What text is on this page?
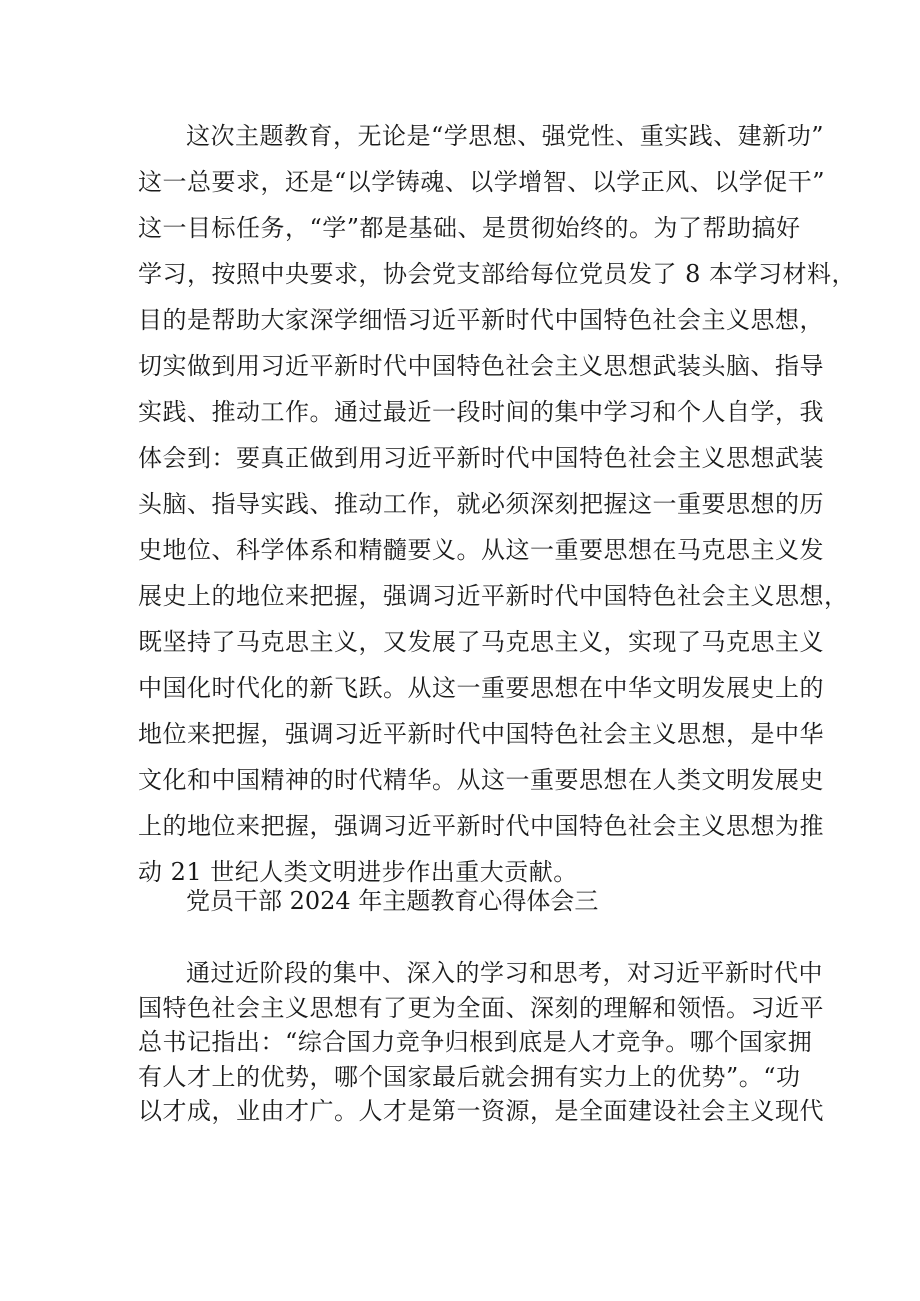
这次主题教育，无论是“学思想、强党性、重实践、建新功”
这一总要求，还是“以学铸魂、以学增智、以学正风、以学促干”
这一目标任务，“学”都是基础、是贯彻始终的。为了帮助搞好
学习，按照中央要求，协会党支部给每位党员发了 8 本学习材料，
目的是帮助大家深学细悟习近平新时代中国特色社会主义思想，
切实做到用习近平新时代中国特色社会主义思想武装头脑、指导
实践、推动工作。通过最近一段时间的集中学习和个人自学，我
体会到：要真正做到用习近平新时代中国特色社会主义思想武装
头脑、指导实践、推动工作，就必须深刻把握这一重要思想的历
史地位、科学体系和精髓要义。从这一重要思想在马克思主义发
展史上的地位来把握，强调习近平新时代中国特色社会主义思想，
既坚持了马克思主义，又发展了马克思主义，实现了马克思主义
中国化时代化的新飞跃。从这一重要思想在中华文明发展史上的
地位来把握，强调习近平新时代中国特色社会主义思想，是中华
文化和中国精神的时代精华。从这一重要思想在人类文明发展史
上的地位来把握，强调习近平新时代中国特色社会主义思想为推
动 21 世纪人类文明进步作出重大贡献。
党员干部 2024 年主题教育心得体会三
通过近阶段的集中、深入的学习和思考，对习近平新时代中
国特色社会主义思想有了更为全面、深刻的理解和领悟。习近平
总书记指出：“综合国力竞争归根到底是人才竞争。哪个国家拥
有人才上的优势，哪个国家最后就会拥有实力上的优势”。“功
以才成，业由才广。人才是第一资源，是全面建设社会主义现代
